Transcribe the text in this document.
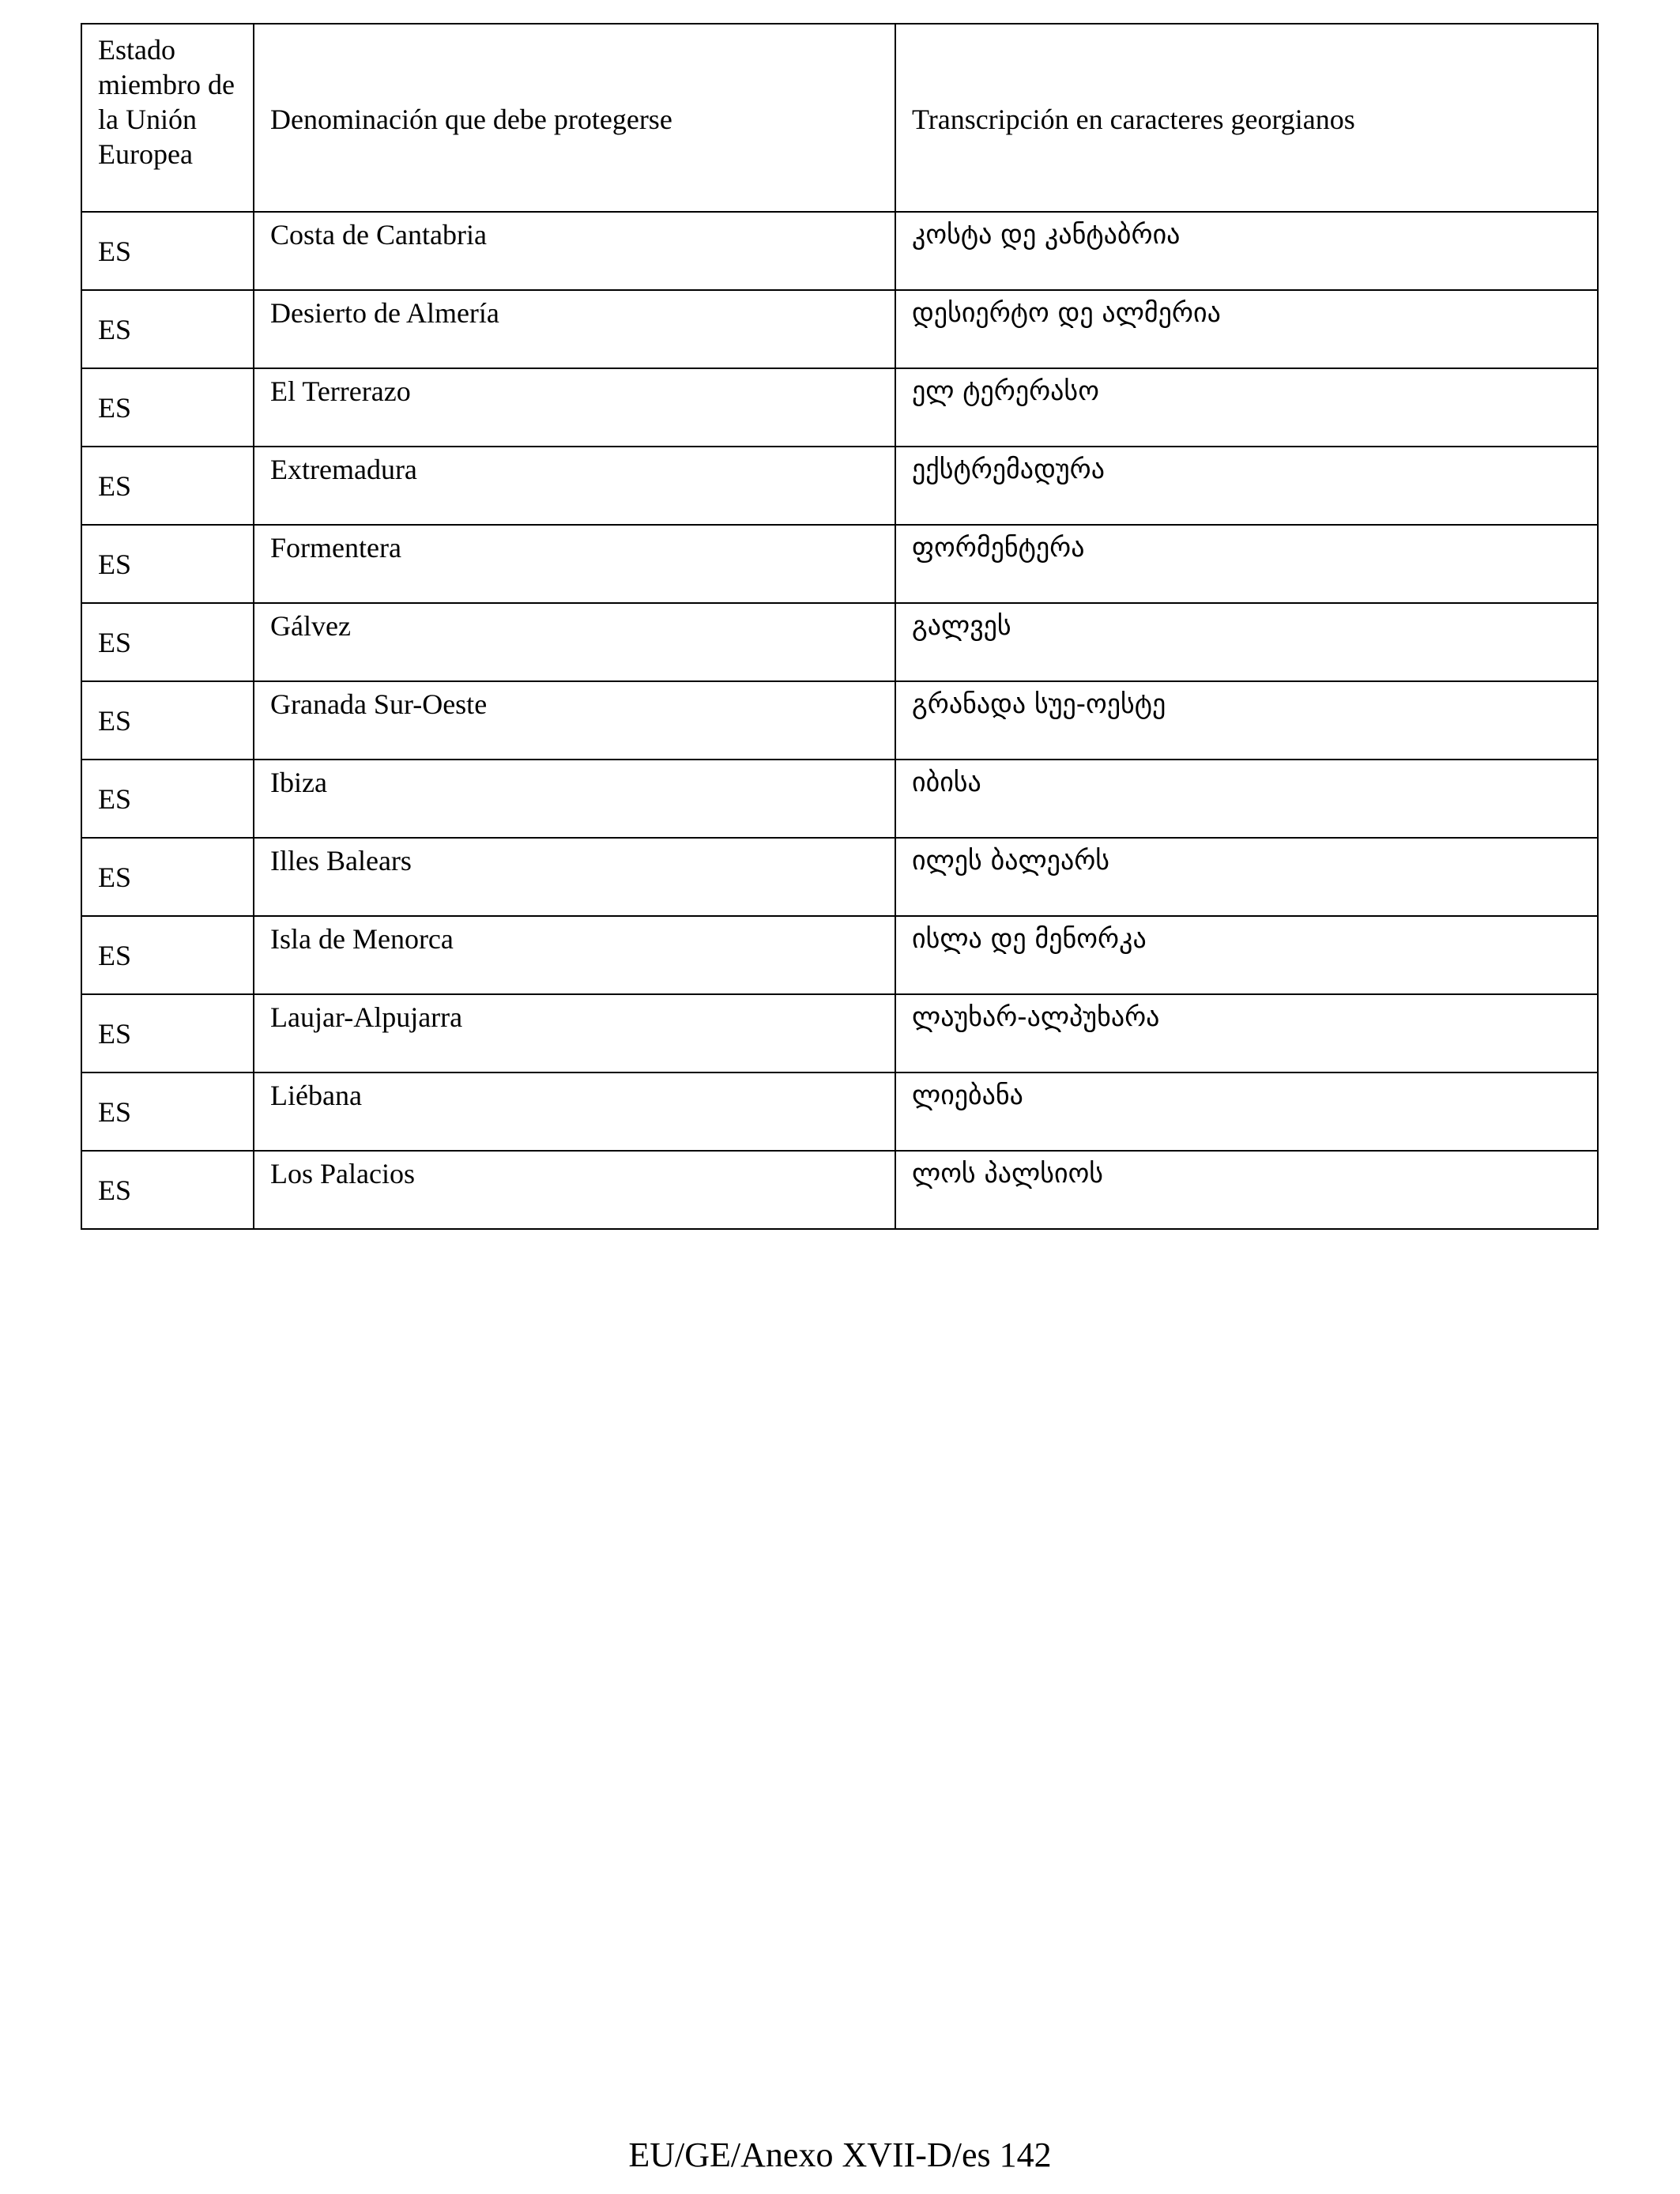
Estado miembro de la Unión Europea	Denominación que debe protegerse	Transcripción en caracteres georgianos
ES	Costa de Cantabria	კოსტა დე კანტაბრია
ES	Desierto de Almería	დესიერტო დე ალმერია
ES	El Terrerazo	ელ ტერერასო
ES	Extremadura	ექსტრემადურა
ES	Formentera	ფორმენტერა
ES	Gálvez	გალვეს
ES	Granada Sur-Oeste	გრანადა სუე-ოესტე
ES	Ibiza	იბისა
ES	Illes Balears	ილეს ბალეარს
ES	Isla de Menorca	ისლა დე მენორკა
ES	Laujar-Alpujarra	ლაუხარ-ალპუხარა
ES	Liébana	ლიებანა
ES	Los Palacios	ლოს პალსიოს
EU/GE/Anexo XVII-D/es 142
